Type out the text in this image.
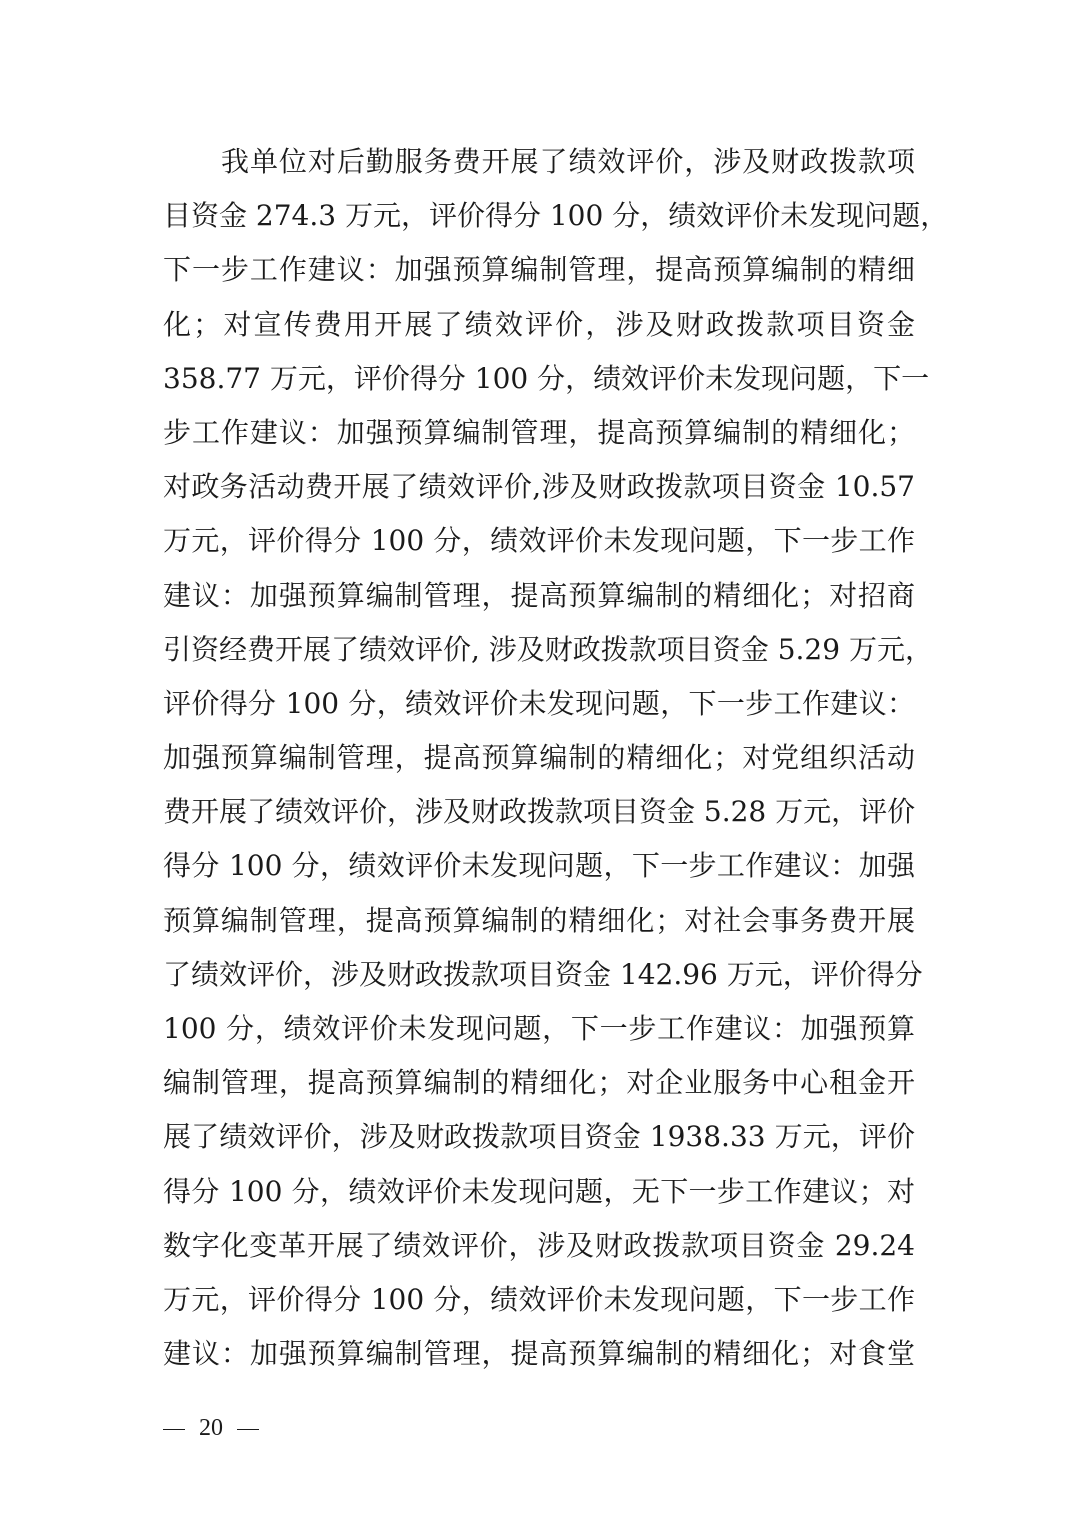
我单位对后勤服务费开展了绩效评价，涉及财政拨款项
目资金 274.3 万元，评价得分 100 分，绩效评价未发现问题，
下一步工作建议：加强预算编制管理，提高预算编制的精细
化；对宣传费用开展了绩效评价，涉及财政拨款项目资金
358.77 万元，评价得分 100 分，绩效评价未发现问题，下一
步工作建议：加强预算编制管理，提高预算编制的精细化；
对政务活动费开展了绩效评价,涉及财政拨款项目资金 10.57
万元，评价得分 100 分，绩效评价未发现问题，下一步工作
建议：加强预算编制管理，提高预算编制的精细化；对招商
引资经费开展了绩效评价, 涉及财政拨款项目资金 5.29 万元，
评价得分 100 分，绩效评价未发现问题，下一步工作建议：
加强预算编制管理，提高预算编制的精细化；对党组织活动
费开展了绩效评价，涉及财政拨款项目资金 5.28 万元，评价
得分 100 分，绩效评价未发现问题，下一步工作建议：加强
预算编制管理，提高预算编制的精细化；对社会事务费开展
了绩效评价，涉及财政拨款项目资金 142.96 万元，评价得分
100 分，绩效评价未发现问题，下一步工作建议：加强预算
编制管理，提高预算编制的精细化；对企业服务中心租金开
展了绩效评价，涉及财政拨款项目资金 1938.33 万元，评价
得分 100 分，绩效评价未发现问题，无下一步工作建议；对
数字化变革开展了绩效评价，涉及财政拨款项目资金 29.24
万元，评价得分 100 分，绩效评价未发现问题，下一步工作
建议：加强预算编制管理，提高预算编制的精细化；对食堂
20
